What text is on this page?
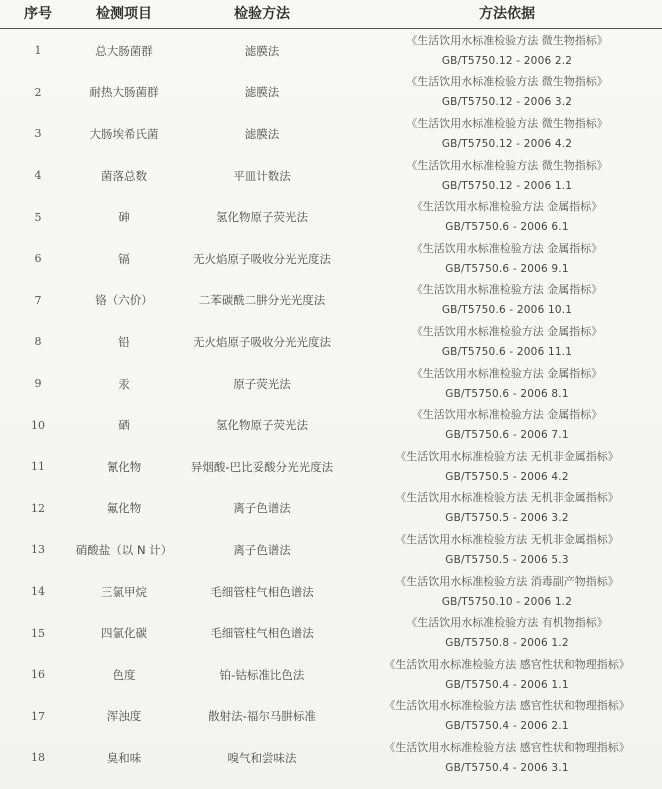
序号	检测项目	检验方法	方法依据
1	总大肠菌群	滤膜法
《生活饮用水标准检验方法 微生物指标》
GB/T5750.12 - 2006 2.2
2	耐热大肠菌群	滤膜法
《生活饮用水标准检验方法 微生物指标》
GB/T5750.12 - 2006 3.2
3	大肠埃希氏菌	滤膜法
《生活饮用水标准检验方法 微生物指标》
GB/T5750.12 - 2006 4.2
4	菌落总数	平皿计数法
《生活饮用水标准检验方法 微生物指标》
GB/T5750.12 - 2006 1.1
5	砷	氢化物原子荧光法
《生活饮用水标准检验方法 金属指标》
GB/T5750.6 - 2006 6.1
6	镉	无火焰原子吸收分光光度法
《生活饮用水标准检验方法 金属指标》
GB/T5750.6 - 2006 9.1
7	铬（六价）	二苯碳酰二肼分光光度法
《生活饮用水标准检验方法 金属指标》
GB/T5750.6 - 2006 10.1
8	铅	无火焰原子吸收分光光度法
《生活饮用水标准检验方法 金属指标》
GB/T5750.6 - 2006 11.1
9	汞	原子荧光法
《生活饮用水标准检验方法 金属指标》
GB/T5750.6 - 2006 8.1
10	硒	氢化物原子荧光法
《生活饮用水标准检验方法 金属指标》
GB/T5750.6 - 2006 7.1
11	氰化物	异烟酸-巴比妥酸分光光度法
《生活饮用水标准检验方法 无机非金属指标》
GB/T5750.5 - 2006 4.2
12	氟化物	离子色谱法
《生活饮用水标准检验方法 无机非金属指标》
GB/T5750.5 - 2006 3.2
13	硝酸盐（以 N 计）	离子色谱法
《生活饮用水标准检验方法 无机非金属指标》
GB/T5750.5 - 2006 5.3
14	三氯甲烷	毛细管柱气相色谱法
《生活饮用水标准检验方法 消毒副产物指标》
GB/T5750.10 - 2006 1.2
15	四氯化碳	毛细管柱气相色谱法
《生活饮用水标准检验方法 有机物指标》
GB/T5750.8 - 2006 1.2
16	色度	铂-钴标准比色法
《生活饮用水标准检验方法 感官性状和物理指标》
GB/T5750.4 - 2006 1.1
17	浑浊度	散射法-福尔马肼标准
《生活饮用水标准检验方法 感官性状和物理指标》
GB/T5750.4 - 2006 2.1
18	臭和味	嗅气和尝味法
《生活饮用水标准检验方法 感官性状和物理指标》
GB/T5750.4 - 2006 3.1
